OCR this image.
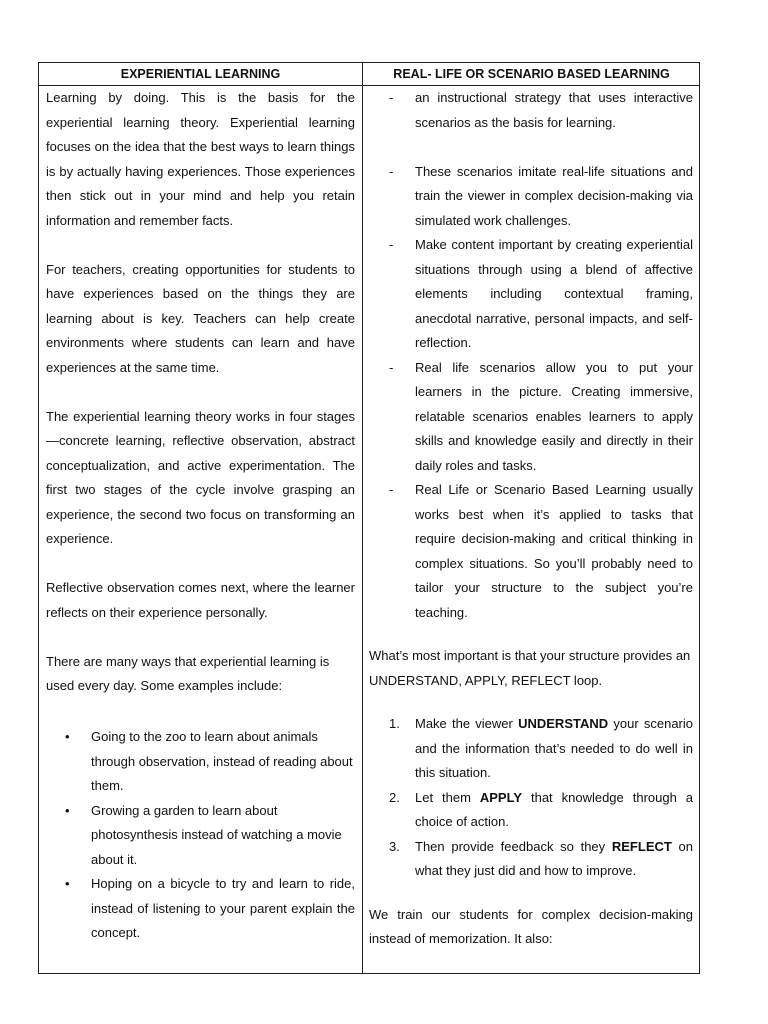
EXPERIENTIAL LEARNING	REAL- LIFE OR SCENARIO BASED LEARNING

Learning by doing. This is the basis for the experiential learning theory. Experiential learning focuses on the idea that the best ways to learn things is by actually having experiences. Those experiences then stick out in your mind and help you retain information and remember facts.

For teachers, creating opportunities for students to have experiences based on the things they are learning about is key. Teachers can help create environments where students can learn and have experiences at the same time.

The experiential learning theory works in four stages—concrete learning, reflective observation, abstract conceptualization, and active experimentation. The first two stages of the cycle involve grasping an experience, the second two focus on transforming an experience.

Reflective observation comes next, where the learner reflects on their experience personally.

There are many ways that experiential learning is used every day. Some examples include:

• Going to the zoo to learn about animals through observation, instead of reading about them.
• Growing a garden to learn about photosynthesis instead of watching a movie about it.
• Hoping on a bicycle to try and learn to ride, instead of listening to your parent explain the concept.
- an instructional strategy that uses interactive scenarios as the basis for learning.
- These scenarios imitate real-life situations and train the viewer in complex decision-making via simulated work challenges.
- Make content important by creating experiential situations through using a blend of affective elements including contextual framing, anecdotal narrative, personal impacts, and self-reflection.
- Real life scenarios allow you to put your learners in the picture. Creating immersive, relatable scenarios enables learners to apply skills and knowledge easily and directly in their daily roles and tasks.
- Real Life or Scenario Based Learning usually works best when it’s applied to tasks that require decision-making and critical thinking in complex situations. So you’ll probably need to tailor your structure to the subject you’re teaching.

What’s most important is that your structure provides an UNDERSTAND, APPLY, REFLECT loop.

1. Make the viewer UNDERSTAND your scenario and the information that’s needed to do well in this situation.
2. Let them APPLY that knowledge through a choice of action.
3. Then provide feedback so they REFLECT on what they just did and how to improve.

We train our students for complex decision-making instead of memorization. It also:
